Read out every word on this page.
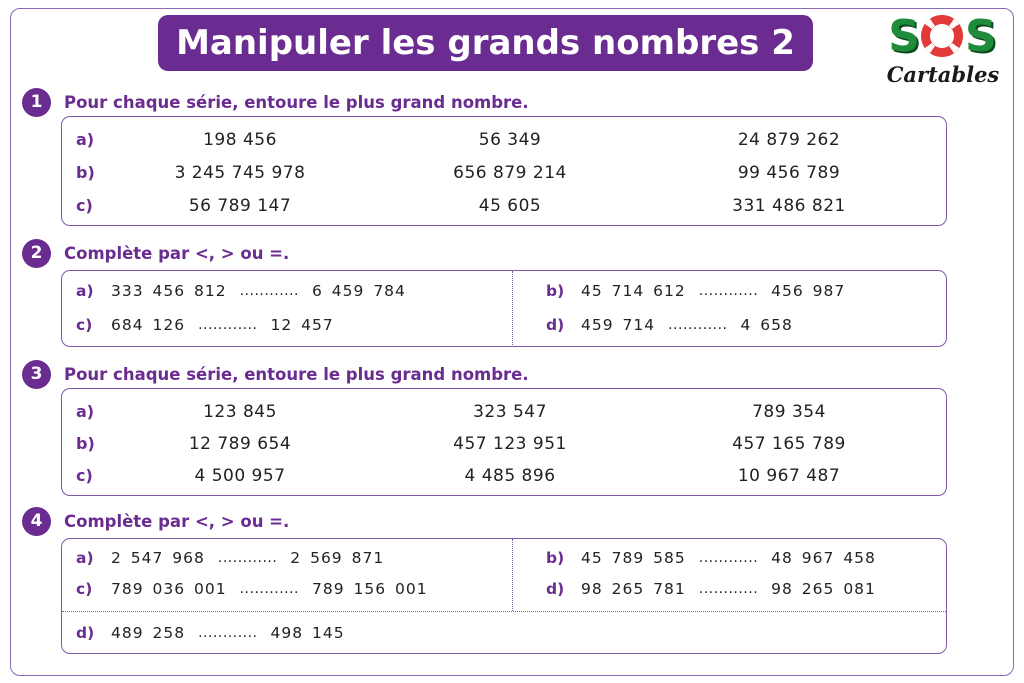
Manipuler les grands nombres 2 S S
Cartables
1	Pour chaque série, entoure le plus grand nombre.
a)	198 456	56 349	24 879 262
b)	3 245 745 978	656 879 214	99 456 789
c)	56 789 147	45 605	331 486 821
2	Complète par <, > ou =.
a)	333 456 812 ............ 6 459 784	b)	45 714 612 ............ 456 987
c)	684 126 ............ 12 457	d)	459 714 ............ 4 658
3	Pour chaque série, entoure le plus grand nombre.
a)	123 845	323 547	789 354
b)	12 789 654	457 123 951	457 165 789
c)	4 500 957	4 485 896	10 967 487
4	Complète par <, > ou =.
a)	2 547 968 ............ 2 569 871	b)	45 789 585 ............ 48 967 458
c)	789 036 001 ............ 789 156 001	d)	98 265 781 ............ 98 265 081
d)	489 258 ............ 498 145
